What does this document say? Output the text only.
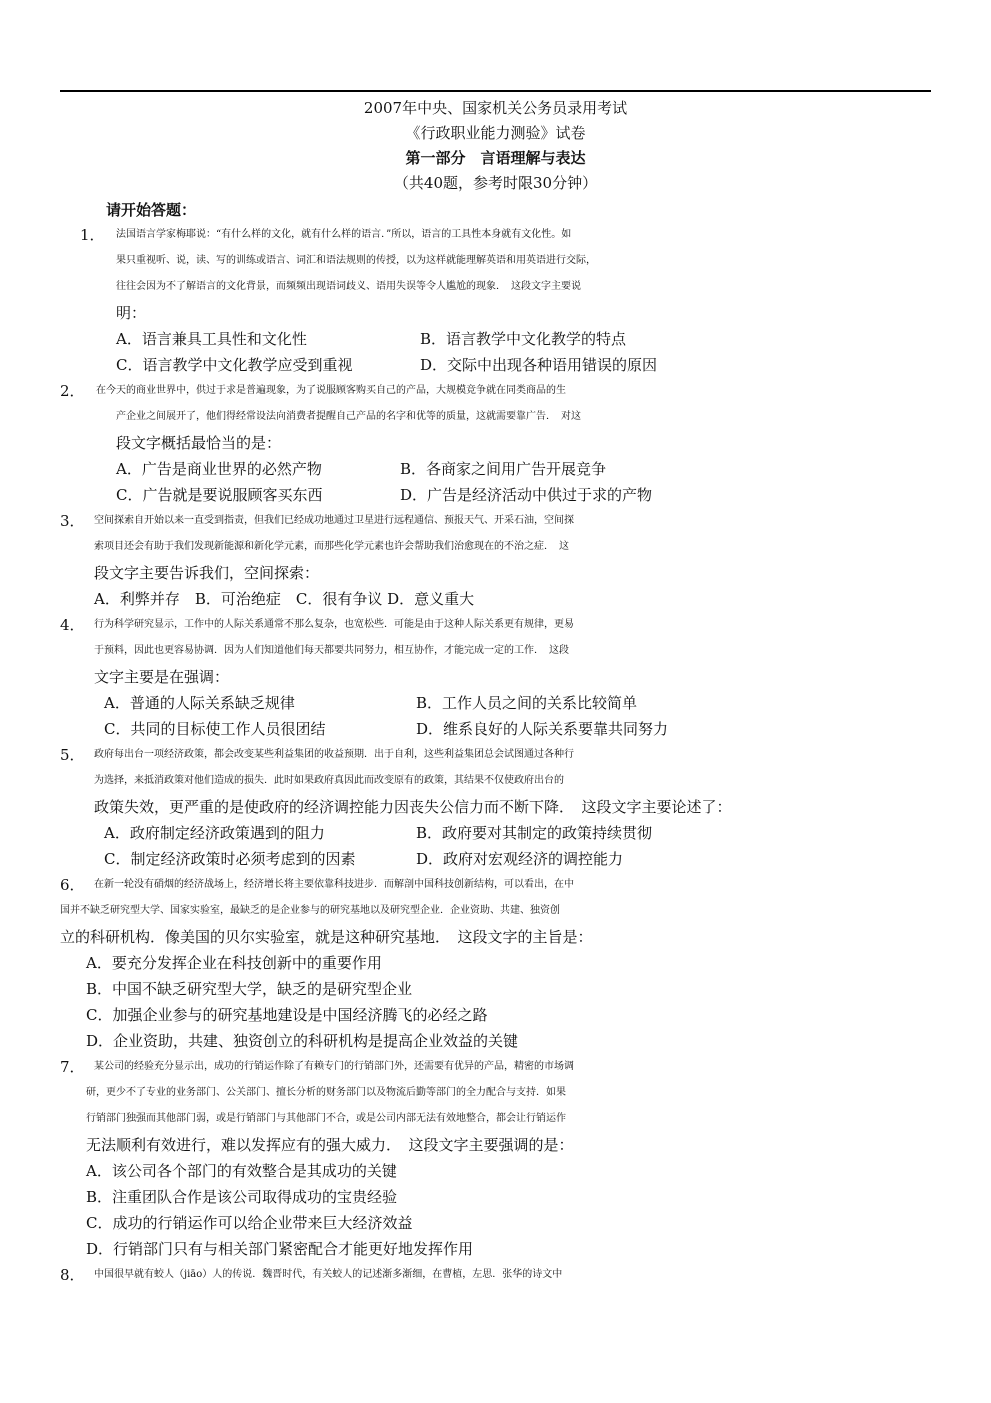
2007年中央、国家机关公务员录用考试
《行政职业能力测验》试卷
第一部分　言语理解与表达
（共40题，参考时限30分钟）
请开始答题：
1． 法国语言学家梅耶说：“有什么样的文化，就有什么样的语言．”所以，语言的工具性本身就有文化性。如
果只重视听、说，读、写的训练或语言、词汇和语法规则的传授，以为这样就能理解英语和用英语进行交际，
往往会因为不了解语言的文化背景，而频频出现语词歧义、语用失误等令人尴尬的现象．　这段文字主要说
明：
A．语言兼具工具性和文化性	B．语言教学中文化教学的特点
C．语言教学中文化教学应受到重视	D．交际中出现各种语用错误的原因
2． 在今天的商业世界中，供过于求是普遍现象，为了说服顾客购买自己的产品，大规模竞争就在同类商品的生
产企业之间展开了，他们得经常设法向消费者提醒自己产品的名字和优等的质量，这就需要靠广告．　对这
段文字概括最恰当的是：
A．广告是商业世界的必然产物	B．各商家之间用广告开展竞争
C．广告就是要说服顾客买东西	D．广告是经济活动中供过于求的产物
3． 空间探索自开始以来一直受到指责，但我们已经成功地通过卫星进行远程通信、预报天气、开采石油，空间探
索项目还会有助于我们发现新能源和新化学元素，而那些化学元素也许会帮助我们治愈现在的不治之症．　这
段文字主要告诉我们，空间探索：
A．利弊并存　B．可治绝症　C．很有争议 D．意义重大
4． 行为科学研究显示，工作中的人际关系通常不那么复杂，也宽松些．可能是由于这种人际关系更有规律，更易
于预料，因此也更容易协调．因为人们知道他们每天都要共同努力，相互协作，才能完成一定的工作．　这段
文字主要是在强调：
A．普通的人际关系缺乏规律	B．工作人员之间的关系比较简单
C．共同的目标使工作人员很团结	D．维系良好的人际关系要靠共同努力
5． 政府每出台一项经济政策，都会改变某些利益集团的收益预期．出于自利，这些利益集团总会试图通过各种行
为选择，来抵消政策对他们造成的损失．此时如果政府真因此而改变原有的政策，其结果不仅使政府出台的
政策失效，更严重的是使政府的经济调控能力因丧失公信力而不断下降．　这段文字主要论述了：
A．政府制定经济政策遇到的阻力	B．政府要对其制定的政策持续贯彻
C．制定经济政策时必须考虑到的因素	D．政府对宏观经济的调控能力
6． 在新一轮没有硝烟的经济战场上，经济增长将主要依靠科技进步．而解剖中国科技创新结构，可以看出，在中
国并不缺乏研究型大学、国家实验室，最缺乏的是企业参与的研究基地以及研究型企业．企业资助、共建、独资创
立的科研机构．像美国的贝尔实验室，就是这种研究基地．　这段文字的主旨是：
A．要充分发挥企业在科技创新中的重要作用
B．中国不缺乏研究型大学，缺乏的是研究型企业
C．加强企业参与的研究基地建设是中国经济腾飞的必经之路
D．企业资助，共建、独资创立的科研机构是提高企业效益的关键
7． 某公司的经验充分显示出，成功的行销运作除了有赖专门的行销部门外，还需要有优异的产品，精密的市场调
研，更少不了专业的业务部门、公关部门、擅长分析的财务部门以及物流后勤等部门的全力配合与支持．如果
行销部门独强而其他部门弱，或是行销部门与其他部门不合，或是公司内部无法有效地整合，都会让行销运作
无法顺利有效进行，难以发挥应有的强大威力．　这段文字主要强调的是：
A．该公司各个部门的有效整合是其成功的关键
B．注重团队合作是该公司取得成功的宝贵经验
C．成功的行销运作可以给企业带来巨大经济效益
D．行销部门只有与相关部门紧密配合才能更好地发挥作用
8． 中国很早就有蛟人（jiāo）人的传说．魏晋时代，有关蛟人的记述渐多渐细，在曹植，左思．张华的诗文中
